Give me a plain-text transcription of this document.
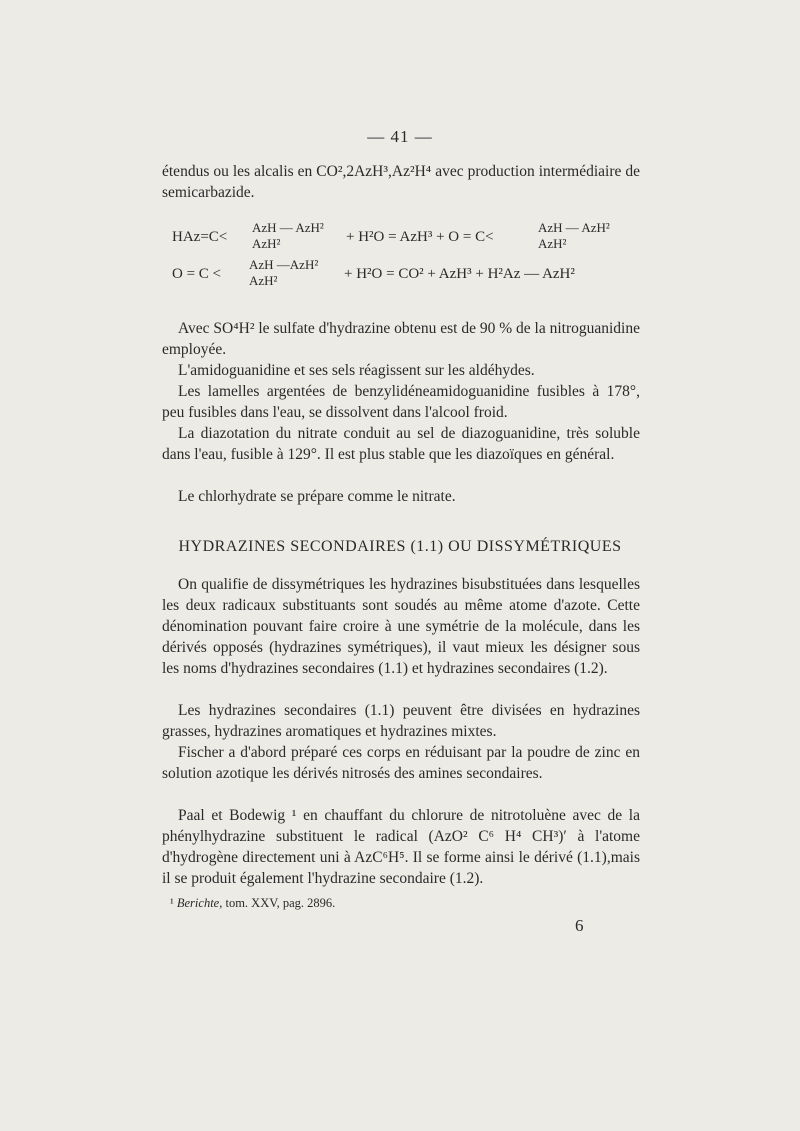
— 41 —

étendus ou les alcalis en CO²,2AzH³,Az²H⁴ avec production intermédiaire de semicarbazide.

HAz=C<
AzH — AzH²
AzH²	+ H²O = AzH³ + O = C<
AzH — AzH²
AzH²
O = C <
AzH —AzH²
AzH²	+ H²O = CO² + AzH³ + H²Az — AzH²

Avec SO⁴H² le sulfate d'hydrazine obtenu est de 90 % de la nitroguanidine employée.

L'amidoguanidine et ses sels réagissent sur les aldéhydes.

Les lamelles argentées de benzylidéneamidoguanidine fusibles à 178°, peu fusibles dans l'eau, se dissolvent dans l'alcool froid.

La diazotation du nitrate conduit au sel de diazoguanidine, très soluble dans l'eau, fusible à 129°. Il est plus stable que les diazoïques en général.

Le chlorhydrate se prépare comme le nitrate.

HYDRAZINES SECONDAIRES (1.1) OU DISSYMÉTRIQUES

On qualifie de dissymétriques les hydrazines bisubstituées dans lesquelles les deux radicaux substituants sont soudés au même atome d'azote. Cette dénomination pouvant faire croire à une symétrie de la molécule, dans les dérivés opposés (hydrazines symétriques), il vaut mieux les désigner sous les noms d'hydrazines secondaires (1.1) et hydrazines secondaires (1.2).

Les hydrazines secondaires (1.1) peuvent être divisées en hydrazines grasses, hydrazines aromatiques et hydrazines mixtes.

Fischer a d'abord préparé ces corps en réduisant par la poudre de zinc en solution azotique les dérivés nitrosés des amines secondaires.

Paal et Bodewig ¹ en chauffant du chlorure de nitrotoluène avec de la phénylhydrazine substituent le radical (AzO² C⁶ H⁴ CH³)′ à l'atome d'hydrogène directement uni à AzC⁶H⁵. Il se forme ainsi le dérivé (1.1),mais il se produit également l'hydrazine secondaire (1.2).

¹ Berichte, tom. XXV, pag. 2896.
6
